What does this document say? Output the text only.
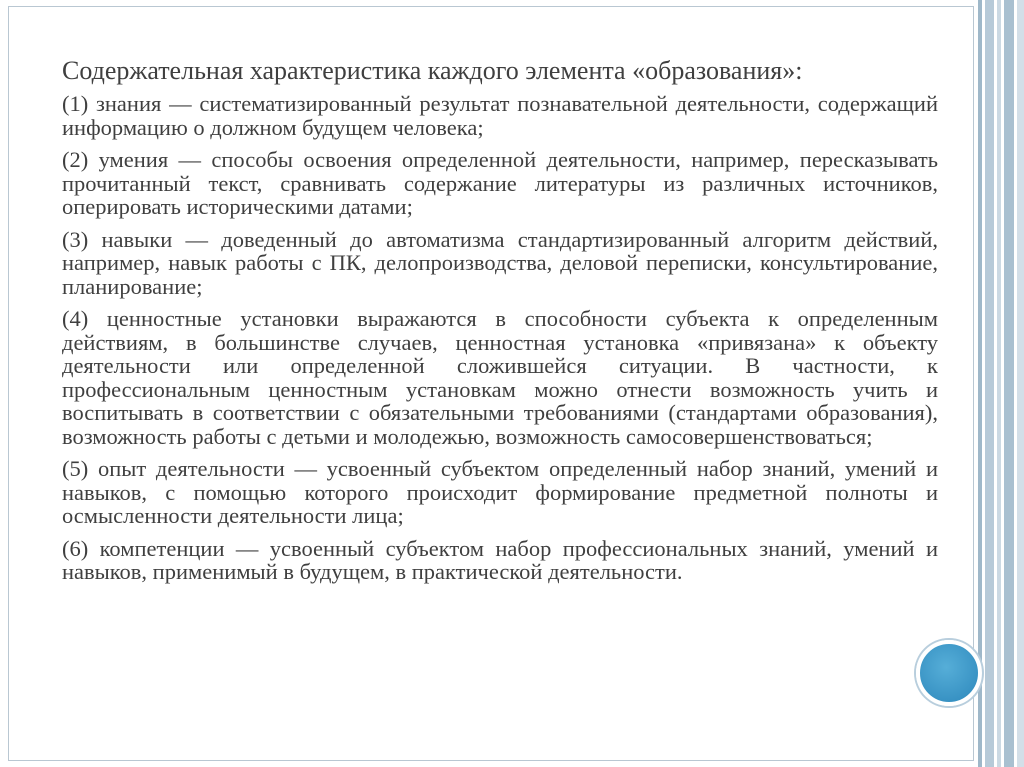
Содержательная характеристика каждого элемента «образования»:

(1) знания — систематизированный результат познавательной деятельности, содержащий информацию о должном будущем человека;

(2) умения — способы освоения определенной деятельности, например, пересказывать прочитанный текст, сравнивать содержание литературы из различных источников, оперировать историческими датами;

(3) навыки — доведенный до автоматизма стандартизированный алгоритм действий, например, навык работы с ПК, делопроизводства, деловой переписки, консультирование, планирование;

(4) ценностные установки выражаются в способности субъекта к определенным действиям, в большинстве случаев, ценностная установка «привязана» к объекту деятельности или определенной сложившейся ситуации. В частности, к профессиональным ценностным установкам можно отнести возможность учить и воспитывать в соответствии с обязательными требованиями (стандартами образования), возможность работы с детьми и молодежью, возможность самосовершенствоваться;

(5) опыт деятельности — усвоенный субъектом определенный набор знаний, умений и навыков, с помощью которого происходит формирование предметной полноты и осмысленности деятельности лица;

(6) компетенции — усвоенный субъектом набор профессиональных знаний, умений и навыков, применимый в будущем, в практической деятельности.
